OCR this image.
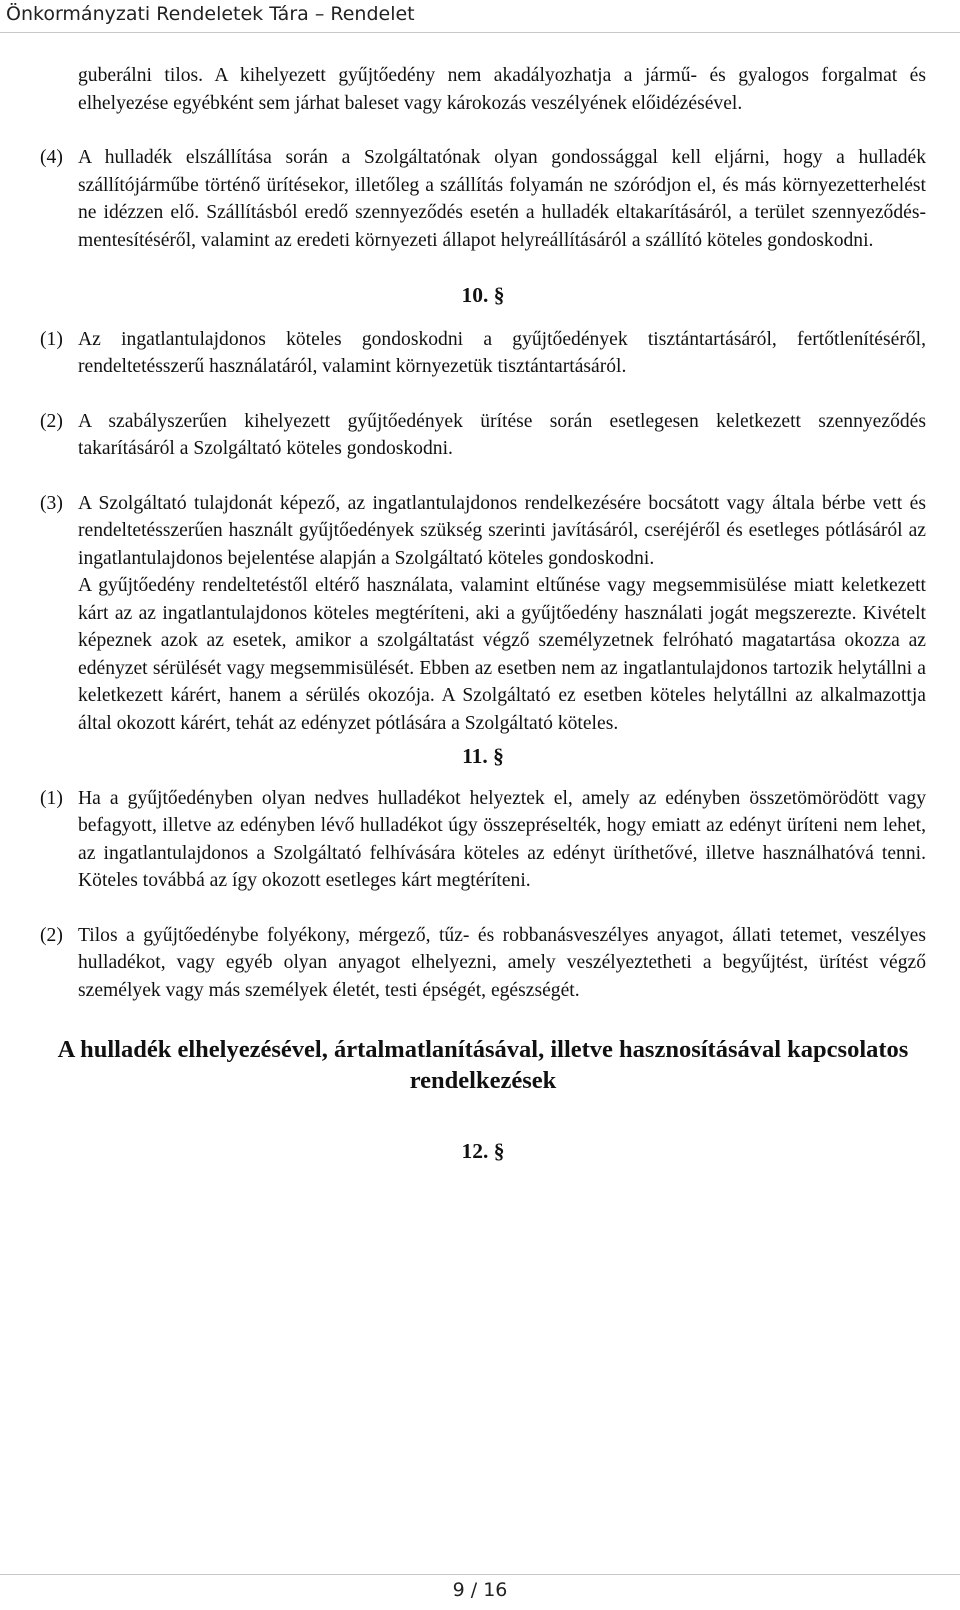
Önkormányzati Rendeletek Tára – Rendelet

guberálni tilos. A kihelyezett gyűjtőedény nem akadályozhatja a jármű- és gyalogos forgalmat és elhelyezése egyébként sem járhat baleset vagy károkozás veszélyének előidézésével.

(4) A hulladék elszállítása során a Szolgáltatónak olyan gondossággal kell eljárni, hogy a hulladék szállítójárműbe történő ürítésekor, illetőleg a szállítás folyamán ne szóródjon el, és más környezetterhelést ne idézzen elő. Szállításból eredő szennyeződés esetén a hulladék eltakarításáról, a terület szennyeződés-mentesítéséről, valamint az eredeti környezeti állapot helyreállításáról a szállító köteles gondoskodni.

10. §

(1) Az ingatlantulajdonos köteles gondoskodni a gyűjtőedények tisztántartásáról, fertőtlenítéséről, rendeltetésszerű használatáról, valamint környezetük tisztántartásáról.
(2) A szabályszerűen kihelyezett gyűjtőedények ürítése során esetlegesen keletkezett szennyeződés takarításáról a Szolgáltató köteles gondoskodni.
(3) A Szolgáltató tulajdonát képező, az ingatlantulajdonos rendelkezésére bocsátott vagy általa bérbe vett és rendeltetésszerűen használt gyűjtőedények szükség szerinti javításáról, cseréjéről és esetleges pótlásáról az ingatlantulajdonos bejelentése alapján a Szolgáltató köteles gondoskodni.
A gyűjtőedény rendeltetéstől eltérő használata, valamint eltűnése vagy megsemmisülése miatt keletkezett kárt az az ingatlantulajdonos köteles megtéríteni, aki a gyűjtőedény használati jogát megszerezte. Kivételt képeznek azok az esetek, amikor a szolgáltatást végző személyzetnek felróható magatartása okozza az edényzet sérülését vagy megsemmisülését. Ebben az esetben nem az ingatlantulajdonos tartozik helytállni a keletkezett kárért, hanem a sérülés okozója. A Szolgáltató ez esetben köteles helytállni az alkalmazottja által okozott kárért, tehát az edényzet pótlására a Szolgáltató köteles.

11. §

(1) Ha a gyűjtőedényben olyan nedves hulladékot helyeztek el, amely az edényben összetömörödött vagy befagyott, illetve az edényben lévő hulladékot úgy összepréselték, hogy emiatt az edényt üríteni nem lehet, az ingatlantulajdonos a Szolgáltató felhívására köteles az edényt üríthetővé, illetve használhatóvá tenni. Köteles továbbá az így okozott esetleges kárt megtéríteni.
(2) Tilos a gyűjtőedénybe folyékony, mérgező, tűz- és robbanásveszélyes anyagot, állati tetemet, veszélyes hulladékot, vagy egyéb olyan anyagot elhelyezni, amely veszélyeztetheti a begyűjtést, ürítést végző személyek vagy más személyek életét, testi épségét, egészségét.

A hulladék elhelyezésével, ártalmatlanításával, illetve hasznosításával kapcsolatos rendelkezések

12. §

9 / 16
